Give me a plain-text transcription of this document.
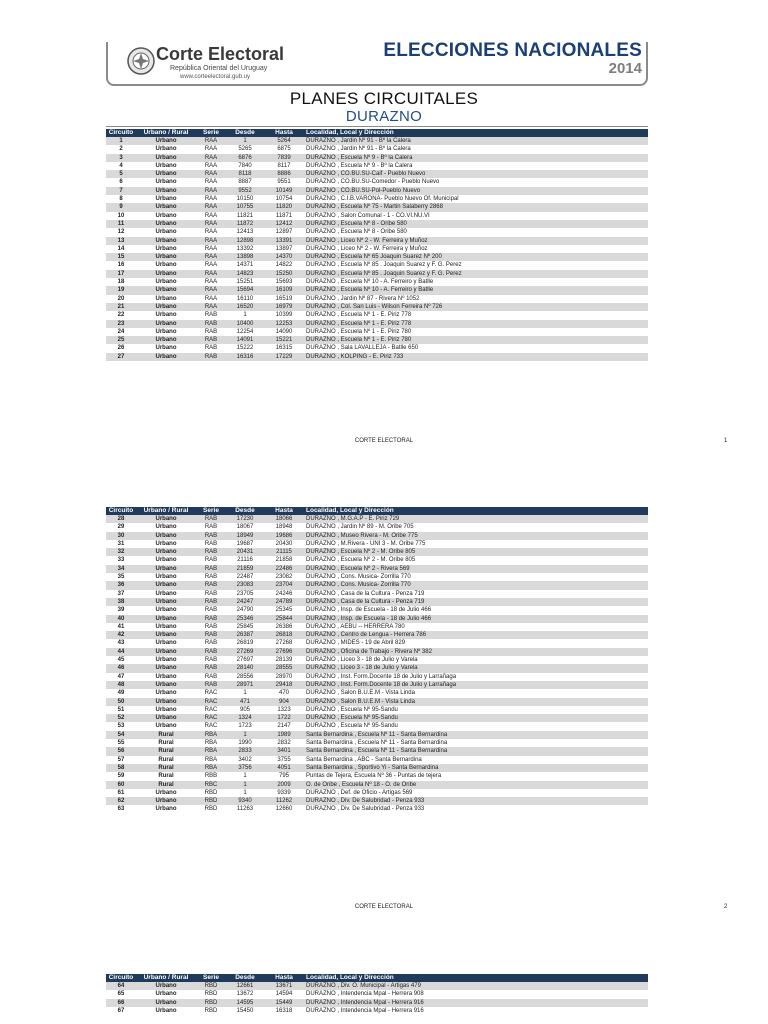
Corte Electoral
República Oriental del Uruguay
www.corteelectoral.gub.uy
ELECCIONES NACIONALES
2014
PLANES CIRCUITALES
DURAZNO
Circuito	Urbano / Rural	Serie	Desde	Hasta	Localidad, Local y Dirección
1	Urbano	RAA	1	5264	DURAZNO , Jardin Nº 91 - Bº la Calera
2	Urbano	RAA	5265	6875	DURAZNO , Jardin Nº 91 - Bº la Calera
3	Urbano	RAA	6876	7839	DURAZNO , Escuela Nº 9 - Bº la Calera
4	Urbano	RAA	7840	8117	DURAZNO , Escuela Nº 9 - Bº la Calera
5	Urbano	RAA	8118	8886	DURAZNO , CO.BU.SU-Caif - Pueblo Nuevo
6	Urbano	RAA	8887	9551	DURAZNO , CO.BU.SU-Comedor - Pueblo Nuevo
7	Urbano	RAA	9552	10149	DURAZNO , CO.BU.SU-Pol-Pueblo Nuevo
8	Urbano	RAA	10150	10754	DURAZNO , C.I.B.VARONA- Pueblo Nuevo Of. Municipal
9	Urbano	RAA	10755	11820	DURAZNO , Escuela Nº 75 - Martin Salaberry 2868
10	Urbano	RAA	11821	11871	DURAZNO , Salon Comunal - 1 - CO.VI.NU.VI
11	Urbano	RAA	11872	12412	DURAZNO , Escuela Nº 8 - Oribe 580
12	Urbano	RAA	12413	12897	DURAZNO , Escuela Nº 8 - Oribe 580
13	Urbano	RAA	12898	13391	DURAZNO , Liceo Nº 2 - W. Ferreira y Muñoz
14	Urbano	RAA	13392	13897	DURAZNO , Liceo Nº 2 - W. Ferreira y Muñoz
15	Urbano	RAA	13898	14370	DURAZNO , Escuela Nº 65 Joaquin Suarez Nº 200
16	Urbano	RAA	14371	14822	DURAZNO , Escuela Nº 85 . Joaquin Suarez y F. G. Perez
17	Urbano	RAA	14823	15250	DURAZNO , Escuela Nº 85 . Joaquin Suarez y F. G. Perez
18	Urbano	RAA	15251	15693	DURAZNO , Escuela Nº 10 - A. Ferreiro y Batlle
19	Urbano	RAA	15694	16109	DURAZNO , Escuela Nº 10 - A. Ferreiro y Batlle
20	Urbano	RAA	16110	16519	DURAZNO , Jardin Nº 87 - Rivera Nº 1052
21	Urbano	RAA	16520	16979	DURAZNO , Col. San Luis - Wilson Ferreira Nº 726
22	Urbano	RAB	1	10399	DURAZNO , Escuela Nº 1 - E. Piriz 778
23	Urbano	RAB	10400	12253	DURAZNO , Escuela Nº 1 - E. Piriz 778
24	Urbano	RAB	12254	14090	DURAZNO , Escuela Nº 1 - E. Piriz 780
25	Urbano	RAB	14091	15221	DURAZNO , Escuela Nº 1 - E. Piriz 780
26	Urbano	RAB	15222	16315	DURAZNO , Sala LAVALLEJA - Batlle 650
27	Urbano	RAB	16316	17229	DURAZNO , KOLPING - E. Piriz 733
CORTE ELECTORAL	1
Circuito	Urbano / Rural	Serie	Desde	Hasta	Localidad, Local y Dirección
28	Urbano	RAB	17230	18066	DURAZNO , M.G.A.P - E. Piriz 729
29	Urbano	RAB	18067	18948	DURAZNO , Jardin Nº 89 - M. Oribe 705
30	Urbano	RAB	18949	19686	DURAZNO , Museo Rivera - M. Oribe 775
31	Urbano	RAB	19687	20430	DURAZNO , M.Rivera - UNI 3 - M. Oribe 775
32	Urbano	RAB	20431	21115	DURAZNO , Escuela Nº 2 - M. Oribe 805
33	Urbano	RAB	21116	21858	DURAZNO , Escuela Nº 2 - M. Oribe 805
34	Urbano	RAB	21859	22486	DURAZNO , Escuela Nº 2 - Rivera 569
35	Urbano	RAB	22487	23082	DURAZNO , Cons. Musica- Zorrilla 770
36	Urbano	RAB	23083	23704	DURAZNO , Cons. Musica- Zorrilla 770
37	Urbano	RAB	23705	24246	DURAZNO , Casa de la Cultura - Penza 719
38	Urbano	RAB	24247	24789	DURAZNO , Casa de la Cultura - Penza 719
39	Urbano	RAB	24790	25345	DURAZNO , Insp. de Escuela - 18 de Julio 466
40	Urbano	RAB	25346	25844	DURAZNO , Insp. de Escuela - 18 de Julio 466
41	Urbano	RAB	25845	26386	DURAZNO , AEBU -- HERRERA 780
42	Urbano	RAB	26387	26818	DURAZNO , Centro de Lengua - Herrera 786
43	Urbano	RAB	26819	27268	DURAZNO , MIDES - 19 de Abril 829
44	Urbano	RAB	27269	27696	DURAZNO , Oficina de Trabajo - Rivera Nº 382
45	Urbano	RAB	27697	28139	DURAZNO , Liceo 3 - 18 de Julio y Varela
46	Urbano	RAB	28140	28555	DURAZNO , Liceo 3 - 18 de Julio y Varela
47	Urbano	RAB	28556	28970	DURAZNO , Inst. Form.Docente 18 de Julio y Larrañaga
48	Urbano	RAB	28971	29418	DURAZNO , Inst. Form.Docente 18 de Julio y Larrañaga
49	Urbano	RAC	1	470	DURAZNO , Salon B.U.E.M - Vista Linda
50	Urbano	RAC	471	904	DURAZNO , Salon B.U.E.M - Vista Linda
51	Urbano	RAC	905	1323	DURAZNO , Escuela Nº 95-Sandu
52	Urbano	RAC	1324	1722	DURAZNO , Escuela Nº 95-Sandu
53	Urbano	RAC	1723	2147	DURAZNO , Escuela Nº 95-Sandu
54	Rural	RBA	1	1989	Santa Bernardina , Escuela Nº 11 - Santa Bernardina
55	Rural	RBA	1990	2832	Santa Bernardina , Escuela Nº 11 - Santa Bernardina
56	Rural	RBA	2833	3401	Santa Bernardina , Escuela Nº 11 - Santa Bernardina
57	Rural	RBA	3402	3755	Santa Bernardina , ABC - Santa Bernardina
58	Rural	RBA	3756	4051	Santa Bernardina , Sportivo Yi - Santa Bernardina
59	Rural	RBB	1	795	Puntas de Tejera, Escuela Nº 36 - Puntas de tejera
60	Rural	RBC	1	2009	O. de Oribe , Escuela Nº 18 - O. de Oribe
61	Urbano	RBD	1	9339	DURAZNO , Def. de Oficio - Artigas 569
62	Urbano	RBD	9340	11262	DURAZNO , Div. De Salubridad - Penza 933
63	Urbano	RBD	11263	12660	DURAZNO , Div. De Salubridad - Penza 933
CORTE ELECTORAL	2
Circuito	Urbano / Rural	Serie	Desde	Hasta	Localidad, Local y Dirección
64	Urbano	RBD	12661	13671	DURAZNO , Div. O. Municipal - Artigas 479
65	Urbano	RBD	13672	14594	DURAZNO , Intendencia Mpal - Herrera 908
66	Urbano	RBD	14595	15449	DURAZNO , Intendencia Mpal - Herrera 916
67	Urbano	RBD	15450	16318	DURAZNO , Intendencia Mpal - Herrera 916
